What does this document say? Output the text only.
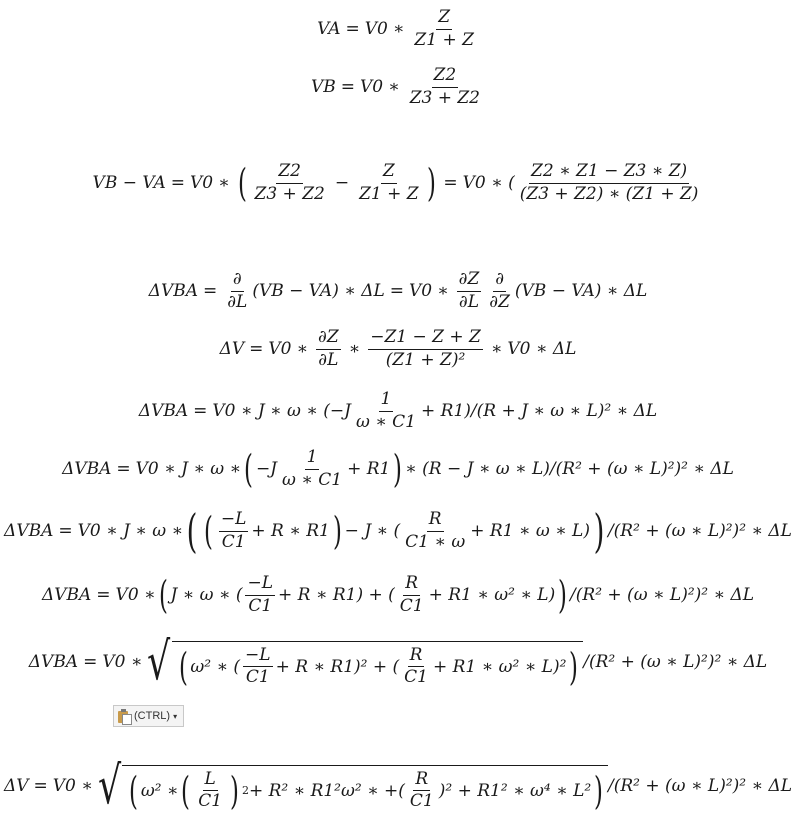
VA = V0 ∗ $\frac{Z}{Z1 + Z}$
VB = V0 ∗ $\frac{Z2}{Z3 + Z2}$
VB − VA = V0 ∗ ( $\frac{Z2}{Z3 + Z2} - \frac{Z}{Z1 + Z}$ ) = V0 ∗ ( $\frac{Z2 ∗ Z1 - Z3 ∗ Z)}{(Z3 + Z2) ∗ (Z1 + Z)}$
$\Delta VBA = \frac{\partial}{\partial L} (VB - VA)$ ∗ ΔL = V0 ∗ $\frac{\partial Z}{\partial L} \frac{\partial}{\partial Z} (VB - VA)$ ∗ ΔL
ΔV = V0 ∗ $\frac{\partial Z}{\partial L}$ ∗ $\frac{-Z1 - Z + Z}{\text{(Z1 + Z)²}}$ ∗ V0 ∗ ΔL
ΔVBA = V0 ∗ J ∗ ω ∗ $(-J \frac{1}{\omega ∗ C1} + R1)/(R + J$ ∗ ω ∗ L)² ∗ ΔL
ΔVBA = V0 ∗ J ∗ ω ∗ ( $-J \frac{1}{\omega ∗ C1} + R1$ ) ∗ (R − J ∗ ω ∗ L)/(R² + (ω ∗ L)²)² ∗ ΔL
ΔVBA = V0 ∗ J ∗ ω ∗ ( ( $\frac{-L}{C1} + R$ ∗ R1 ) − J ∗ ( $\frac{R}{C1 ∗ \omega} + R1$ ∗ ω ∗ L) ) /(R² + (ω ∗ L)²)² ∗ ΔL
ΔVBA = V0 ∗ ( J ∗ ω ∗ ( $\frac{-L}{C1} + R$ ∗ R1) + ( $\frac{R}{C1} + R1$ ∗ ω² ∗ L) ) /(R² + (ω ∗ L)²)² ∗ ΔL
ΔVBA = V0 ∗ √ ( ω² ∗ ( $\frac{-L}{C1} + R$ ∗ R1)² + ( $\frac{R}{C1} + R1$ ∗ ω² ∗ L)² ) /(R² + (ω ∗ L)²)² ∗ ΔL
(CTRL) ▾
ΔV = V0 ∗ √ ( ω² ∗ ( $\frac{L}{C1}$ ) 2 + R² ∗ R1²ω² ∗ +( $\frac{R}{C1} )^2 + R1^2$ ∗ ω⁴ ∗ L² ) /(R² + (ω ∗ L)²)² ∗ ΔL
